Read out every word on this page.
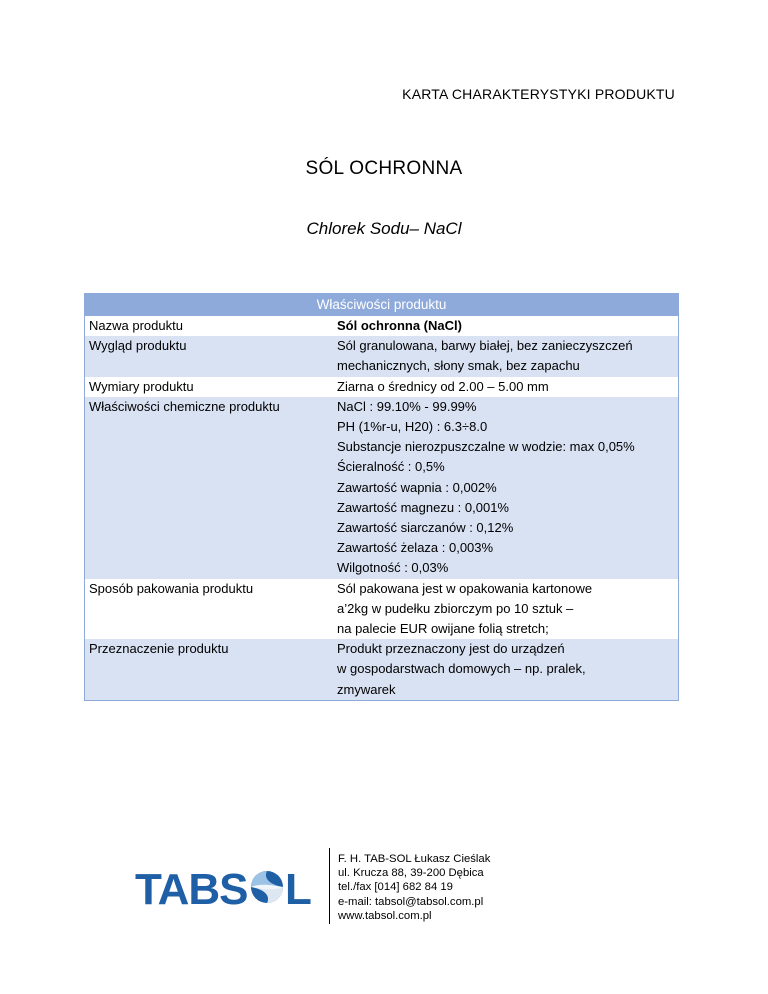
KARTA CHARAKTERYSTYKI PRODUKTU
SÓL OCHRONNA
Chlorek Sodu– NaCl
Właściwości produktu
Nazwa produktu	Sól ochronna (NaCl)
Wygląd produktu	Sól granulowana, barwy białej, bez zanieczyszczeń
mechanicznych, słony smak, bez zapachu
Wymiary produktu	Ziarna o średnicy od 2.00 – 5.00 mm
Właściwości chemiczne produktu	NaCl : 99.10% - 99.99%
PH (1%r-u, H20) : 6.3÷8.0
Substancje nierozpuszczalne w wodzie: max 0,05%
Ścieralność : 0,5%
Zawartość wapnia : 0,002%
Zawartość magnezu : 0,001%
Zawartość siarczanów : 0,12%
Zawartość żelaza : 0,003%
Wilgotność : 0,03%
Sposób pakowania produktu	Sól pakowana jest w opakowania kartonowe
a’2kg w pudełku zbiorczym po 10 sztuk –
na palecie EUR owijane folią stretch;
Przeznaczenie produktu	Produkt przeznaczony jest do urządzeń
w gospodarstwach domowych – np. pralek,
zmywarek
TABS L
F. H. TAB-SOL Łukasz Cieślak
ul. Krucza 88, 39-200 Dębica
tel./fax [014] 682 84 19
e-mail: tabsol@tabsol.com.pl
www.tabsol.com.pl
